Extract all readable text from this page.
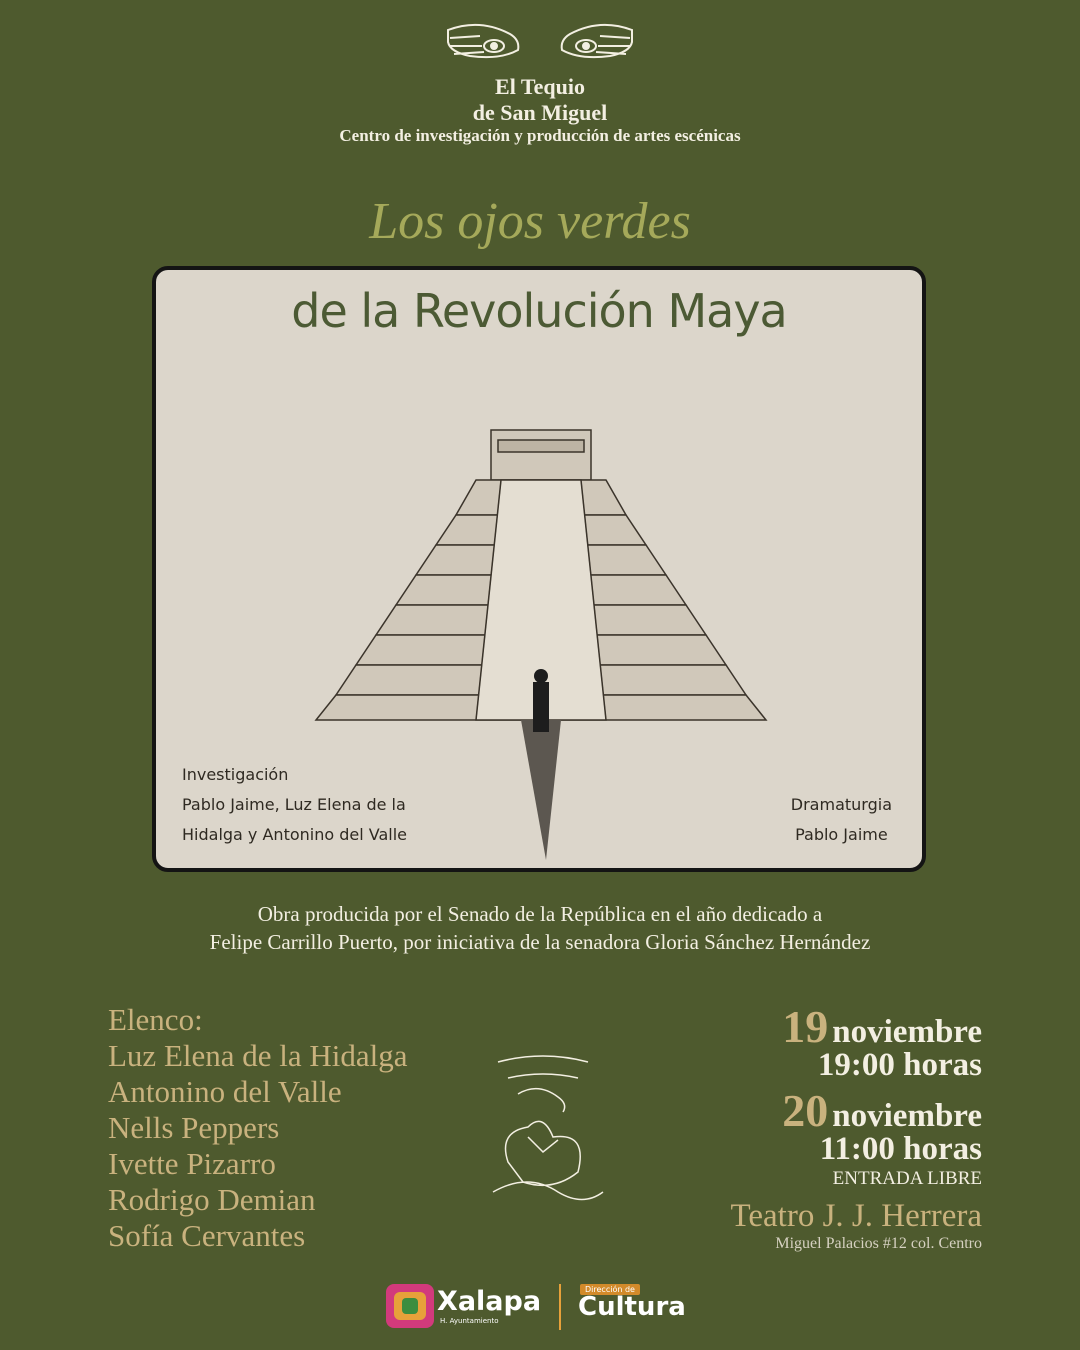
El Tequio
de San Miguel
Centro de investigación y producción de artes escénicas
Los ojos verdes
de la Revolución Maya
Investigación
Pablo Jaime, Luz Elena de la
Hidalga y Antonino del Valle
Dramaturgia
Pablo Jaime
Obra producida por el Senado de la República en el año dedicado a
Felipe Carrillo Puerto, por iniciativa de la senadora Gloria Sánchez Hernández
Elenco:
Luz Elena de la Hidalga
Antonino del Valle
Nells Peppers
Ivette Pizarro
Rodrigo Demian
Sofía Cervantes
19 noviembre
19:00 horas
20 noviembre
11:00 horas
ENTRADA LIBRE
Teatro J. J. Herrera
Miguel Palacios #12 col. Centro
Xalapa
H. Ayuntamiento
Dirección de
Cultura
